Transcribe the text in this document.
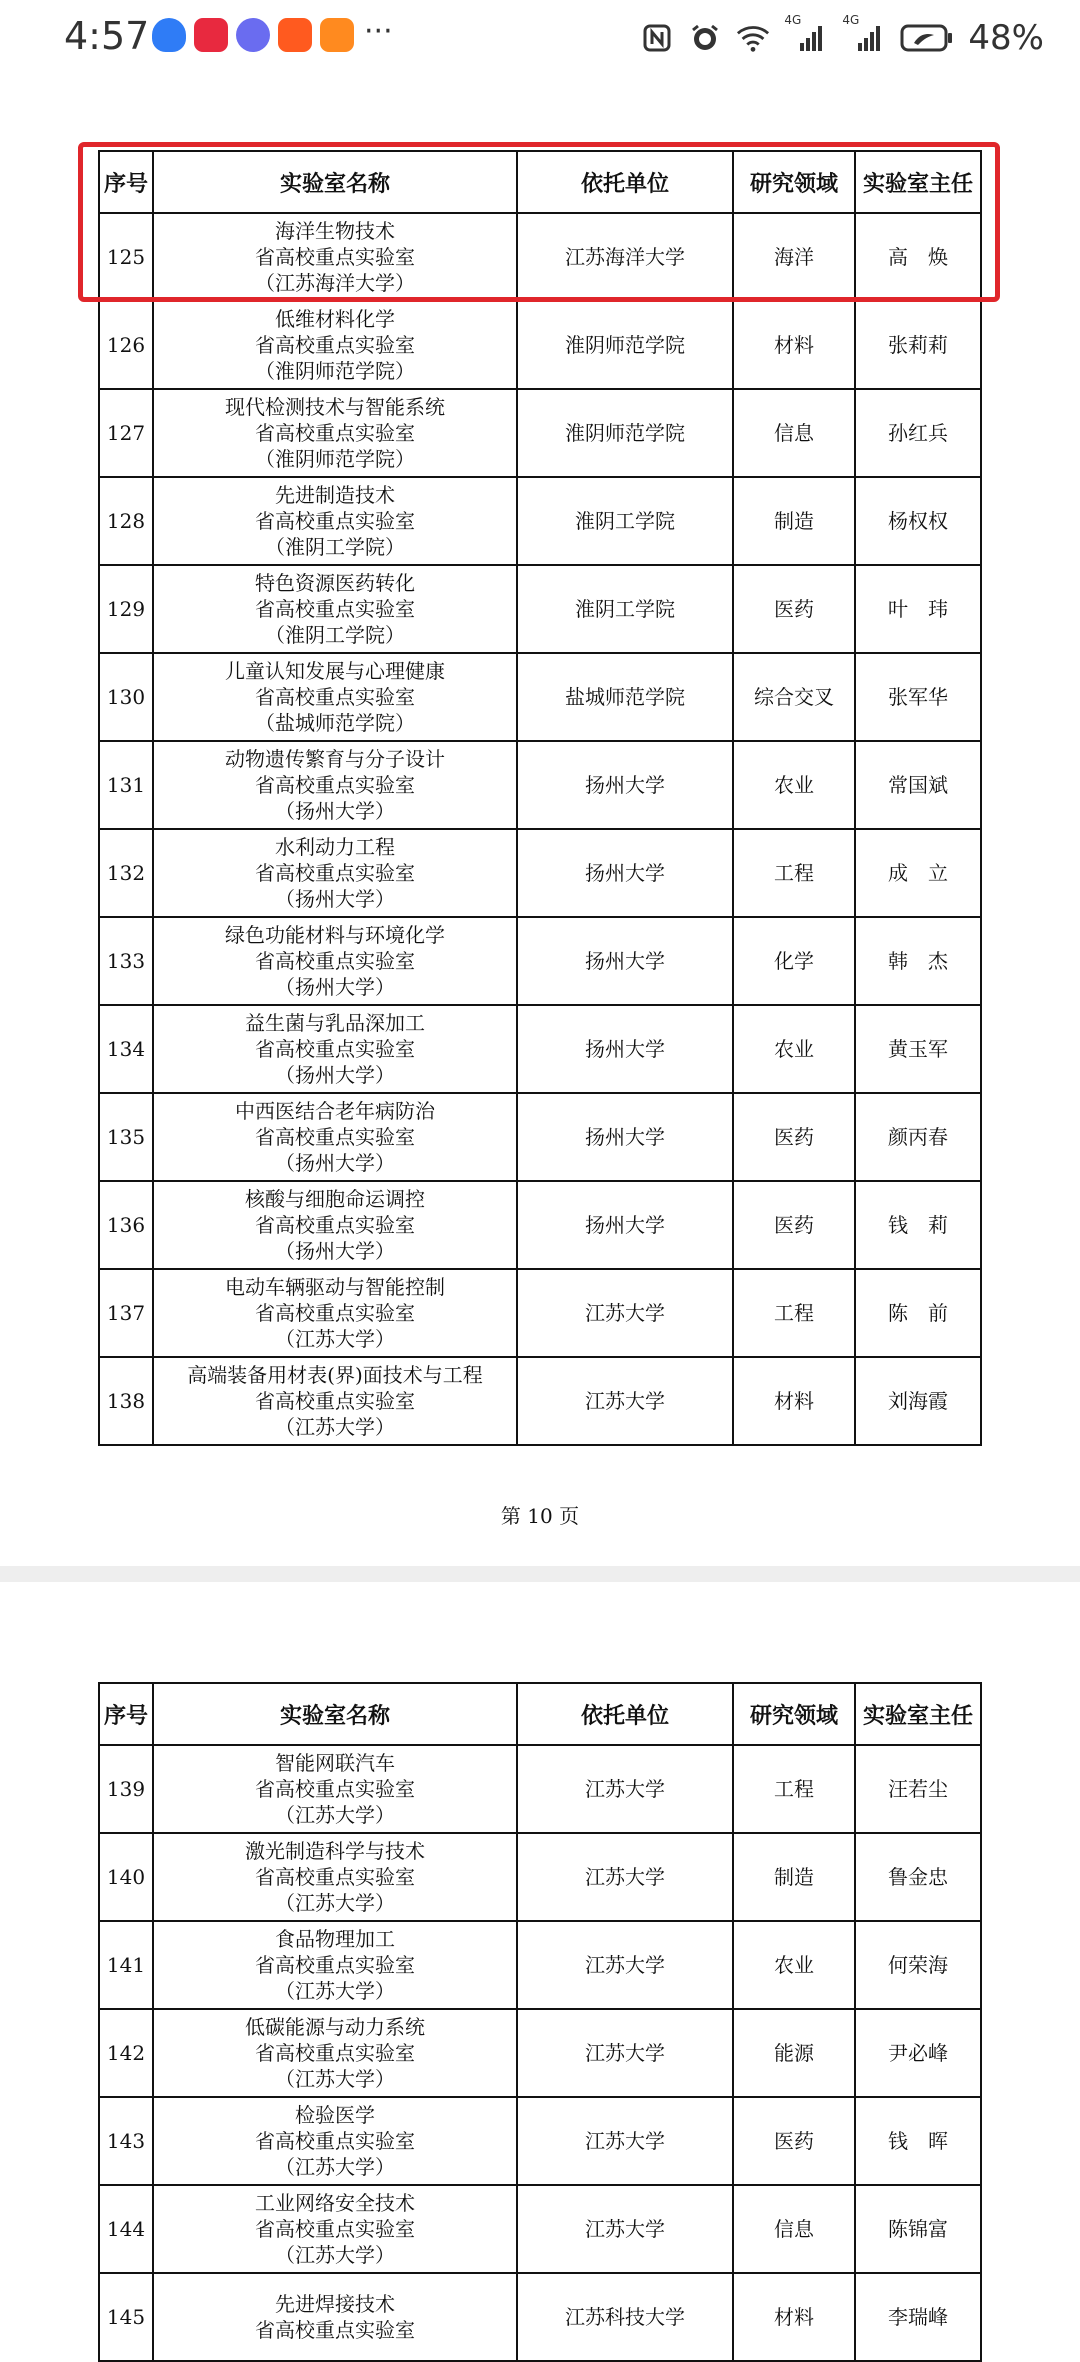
4:57	···	4G	4G	48%
序号	实验室名称	依托单位	研究领域	实验室主任
125	海洋生物技术
省高校重点实验室
（江苏海洋大学）	江苏海洋大学	海洋	高　焕
126	低维材料化学
省高校重点实验室
（淮阴师范学院）	淮阴师范学院	材料	张莉莉
127	现代检测技术与智能系统
省高校重点实验室
（淮阴师范学院）	淮阴师范学院	信息	孙红兵
128	先进制造技术
省高校重点实验室
（淮阴工学院）	淮阴工学院	制造	杨权权
129	特色资源医药转化
省高校重点实验室
（淮阴工学院）	淮阴工学院	医药	叶　玮
130	儿童认知发展与心理健康
省高校重点实验室
（盐城师范学院）	盐城师范学院	综合交叉	张军华
131	动物遗传繁育与分子设计
省高校重点实验室
（扬州大学）	扬州大学	农业	常国斌
132	水利动力工程
省高校重点实验室
（扬州大学）	扬州大学	工程	成　立
133	绿色功能材料与环境化学
省高校重点实验室
（扬州大学）	扬州大学	化学	韩　杰
134	益生菌与乳品深加工
省高校重点实验室
（扬州大学）	扬州大学	农业	黄玉军
135	中西医结合老年病防治
省高校重点实验室
（扬州大学）	扬州大学	医药	颜丙春
136	核酸与细胞命运调控
省高校重点实验室
（扬州大学）	扬州大学	医药	钱　莉
137	电动车辆驱动与智能控制
省高校重点实验室
（江苏大学）	江苏大学	工程	陈　前
138	高端装备用材表(界)面技术与工程
省高校重点实验室
（江苏大学）	江苏大学	材料	刘海霞
第 10 页
序号	实验室名称	依托单位	研究领域	实验室主任
139	智能网联汽车
省高校重点实验室
（江苏大学）	江苏大学	工程	汪若尘
140	激光制造科学与技术
省高校重点实验室
（江苏大学）	江苏大学	制造	鲁金忠
141	食品物理加工
省高校重点实验室
（江苏大学）	江苏大学	农业	何荣海
142	低碳能源与动力系统
省高校重点实验室
（江苏大学）	江苏大学	能源	尹必峰
143	检验医学
省高校重点实验室
（江苏大学）	江苏大学	医药	钱　晖
144	工业网络安全技术
省高校重点实验室
（江苏大学）	江苏大学	信息	陈锦富
145	先进焊接技术
省高校重点实验室	江苏科技大学	材料	李瑞峰
